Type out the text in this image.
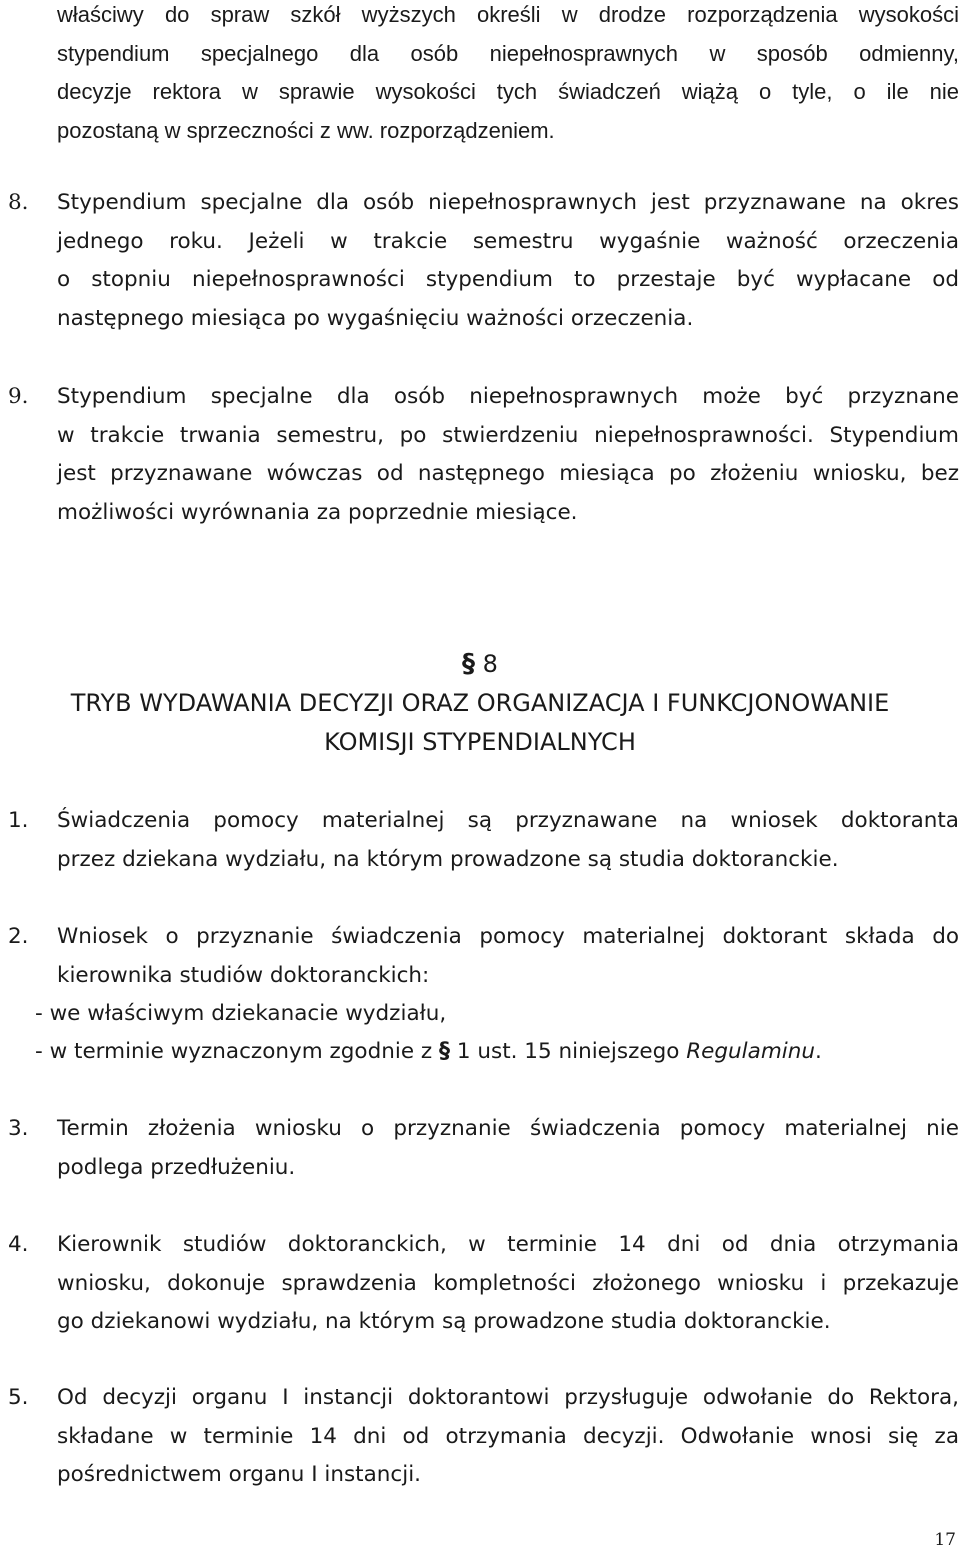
właściwy do spraw szkół wyższych określi w drodze rozporządzenia wysokości
stypendium specjalnego dla osób niepełnosprawnych w sposób odmienny,
decyzje rektora w sprawie wysokości tych świadczeń wiążą o tyle, o ile nie
pozostaną w sprzeczności z ww. rozporządzeniem.
8. Stypendium specjalne dla osób niepełnosprawnych jest przyznawane na okres
jednego roku. Jeżeli w trakcie semestru wygaśnie ważność orzeczenia
o stopniu niepełnosprawności stypendium to przestaje być wypłacane od
następnego miesiąca po wygaśnięciu ważności orzeczenia.
9. Stypendium specjalne dla osób niepełnosprawnych może być przyznane
w trakcie trwania semestru, po stwierdzeniu niepełnosprawności. Stypendium
jest przyznawane wówczas od następnego miesiąca po złożeniu wniosku, bez
możliwości wyrównania za poprzednie miesiące.
§ 8
TRYB WYDAWANIA DECYZJI ORAZ ORGANIZACJA I FUNKCJONOWANIE
KOMISJI STYPENDIALNYCH
1. Świadczenia pomocy materialnej są przyznawane na wniosek doktoranta
przez dziekana wydziału, na którym prowadzone są studia doktoranckie.
2. Wniosek o przyznanie świadczenia pomocy materialnej doktorant składa do
kierownika studiów doktoranckich:
- we właściwym dziekanacie wydziału,
- w terminie wyznaczonym zgodnie z § 1 ust. 15 niniejszego Regulaminu.
3. Termin złożenia wniosku o przyznanie świadczenia pomocy materialnej nie
podlega przedłużeniu.
4. Kierownik studiów doktoranckich, w terminie 14 dni od dnia otrzymania
wniosku, dokonuje sprawdzenia kompletności złożonego wniosku i przekazuje
go dziekanowi wydziału, na którym są prowadzone studia doktoranckie.
5. Od decyzji organu I instancji doktorantowi przysługuje odwołanie do Rektora,
składane w terminie 14 dni od otrzymania decyzji. Odwołanie wnosi się za
pośrednictwem organu I instancji.
17
